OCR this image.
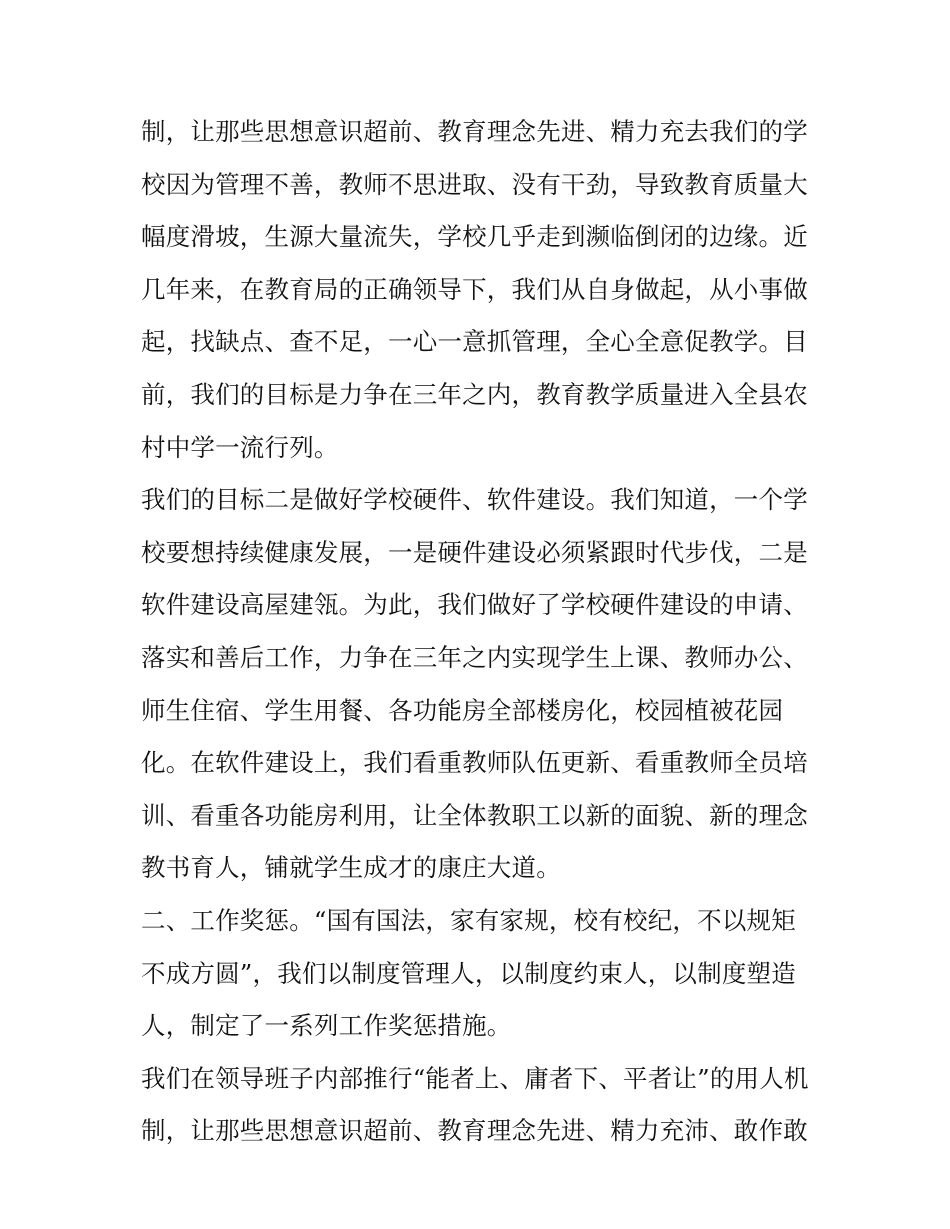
制，让那些思想意识超前、教育理念先进、精力充去我们的学
校因为管理不善，教师不思进取、没有干劲，导致教育质量大
幅度滑坡，生源大量流失，学校几乎走到濒临倒闭的边缘。近
几年来，在教育局的正确领导下，我们从自身做起，从小事做
起，找缺点、查不足，一心一意抓管理，全心全意促教学。目
前，我们的目标是力争在三年之内，教育教学质量进入全县农
村中学一流行列。
我们的目标二是做好学校硬件、软件建设。我们知道，一个学
校要想持续健康发展，一是硬件建设必须紧跟时代步伐，二是
软件建设高屋建瓴。为此，我们做好了学校硬件建设的申请、
落实和善后工作，力争在三年之内实现学生上课、教师办公、
师生住宿、学生用餐、各功能房全部楼房化，校园植被花园
化。在软件建设上，我们看重教师队伍更新、看重教师全员培
训、看重各功能房利用，让全体教职工以新的面貌、新的理念
教书育人，铺就学生成才的康庄大道。
二、工作奖惩。“国有国法，家有家规，校有校纪，不以规矩
不成方圆”，我们以制度管理人，以制度约束人，以制度塑造
人，制定了一系列工作奖惩措施。
我们在领导班子内部推行“能者上、庸者下、平者让”的用人机
制，让那些思想意识超前、教育理念先进、精力充沛、敢作敢
